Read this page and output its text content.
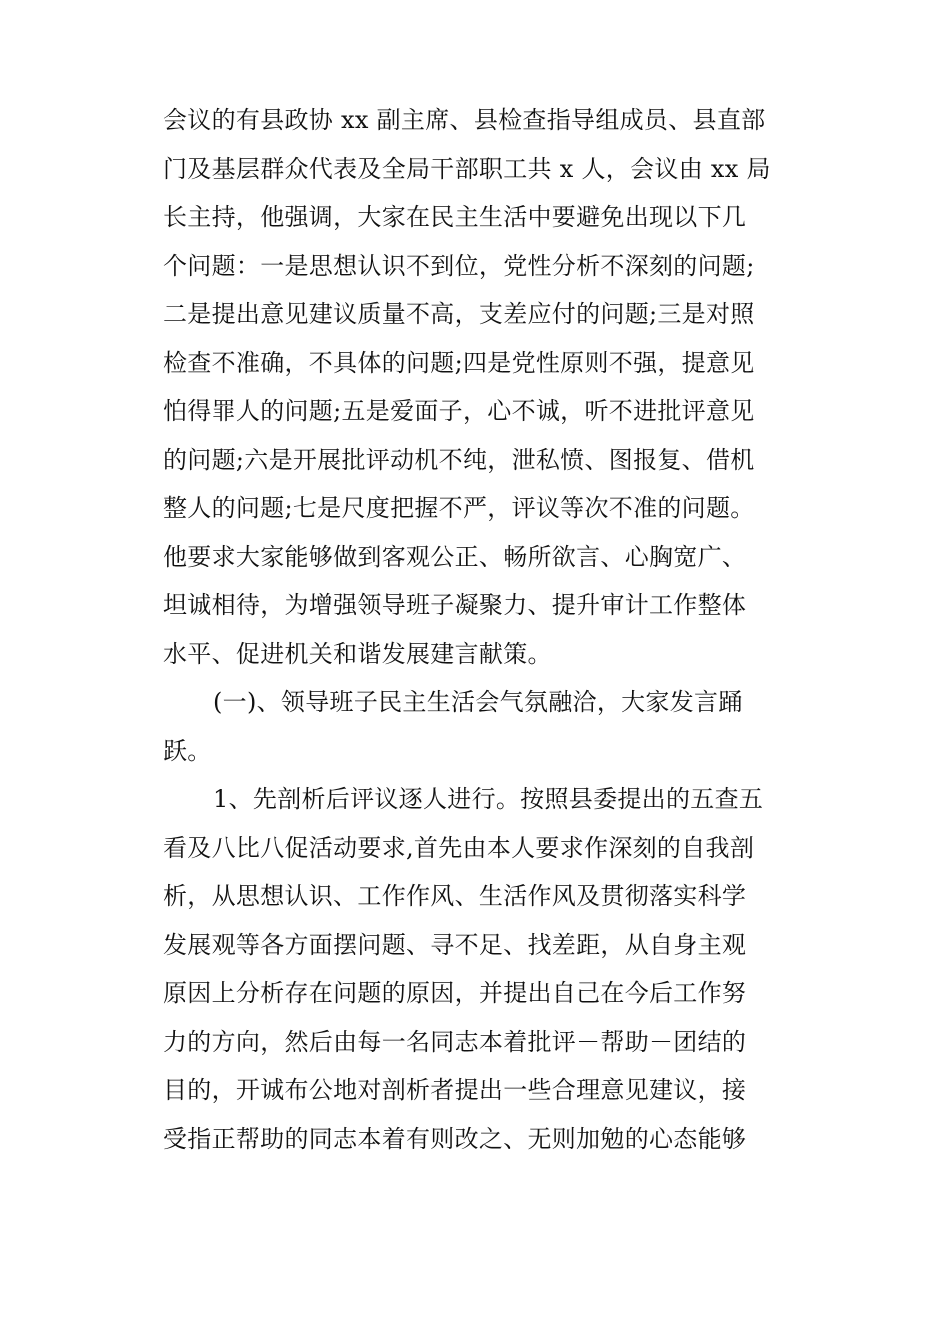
会议的有县政协 xx 副主席、县检查指导组成员、县直部
门及基层群众代表及全局干部职工共 x 人，会议由 xx 局
长主持，他强调，大家在民主生活中要避免出现以下几
个问题：一是思想认识不到位，党性分析不深刻的问题;
二是提出意见建议质量不高，支差应付的问题;三是对照
检查不准确，不具体的问题;四是党性原则不强，提意见
怕得罪人的问题;五是爱面子，心不诚，听不进批评意见
的问题;六是开展批评动机不纯，泄私愤、图报复、借机
整人的问题;七是尺度把握不严，评议等次不准的问题。
他要求大家能够做到客观公正、畅所欲言、心胸宽广、
坦诚相待，为增强领导班子凝聚力、提升审计工作整体
水平、促进机关和谐发展建言献策。
(一)、领导班子民主生活会气氛融洽，大家发言踊
跃。
1、先剖析后评议逐人进行。按照县委提出的五查五
看及八比八促活动要求,首先由本人要求作深刻的自我剖
析，从思想认识、工作作风、生活作风及贯彻落实科学
发展观等各方面摆问题、寻不足、找差距，从自身主观
原因上分析存在问题的原因，并提出自己在今后工作努
力的方向，然后由每一名同志本着批评－帮助－团结的
目的，开诚布公地对剖析者提出一些合理意见建议，接
受指正帮助的同志本着有则改之、无则加勉的心态能够
